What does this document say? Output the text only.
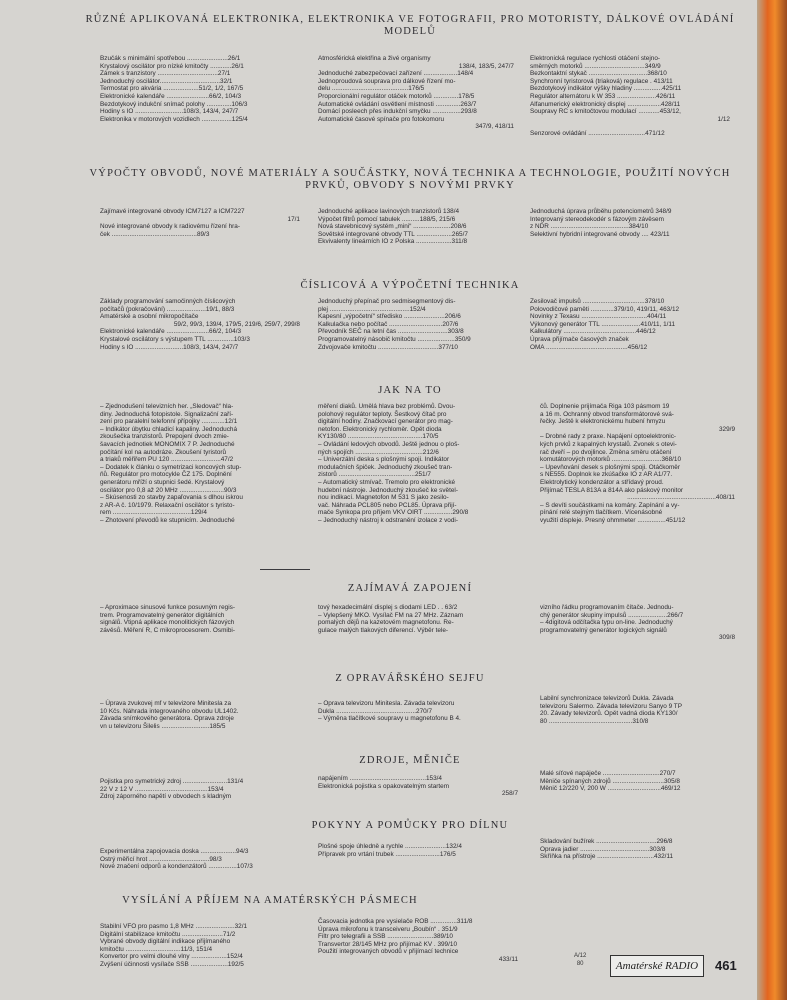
RŮZNÉ APLIKOVANÁ ELEKTRONIKA, ELEKTRONIKA VE FOTOGRAFII, PRO MOTORISTY, DÁLKOVÉ OVLÁDÁNÍ MODELŮ

Bzučák s minimální spotřebou .......................26/1

Krystalový oscilátor pro nízké kmitočty ............26/1

Zámek s tranzistory ..................................27/1

Jednoduchý oscilátor..................................32/1

Termostat pro akvária ....................51/2, 1/2, 167/5

Elektronické kalendáře ........................66/2, 104/3

Bezdotykový indukční snímač polohy ..............106/3

Hodiny s IO ...........................108/3, 143/4, 247/7

Elektronika v motorových vozidlech .................125/4

Atmosférická elektřina a živé organismy

138/4, 183/5, 247/7

Jednoduché zabezpečovací zařízení ...................148/4

Jednoproudová souprava pro dálkové řízení mo-

delu ...........................................176/5

Proporcionální regulátor otáček motorků ..............178/5

Automatické ovládání osvětlení místnosti ..............263/7

Domácí posleech přes indukční smyčku ................293/8

Automatické časové spínače pro fotokomoru

347/9, 418/11

Elektronická regulace rychlosti otáčení stejno-

směrných motorků ..................................349/9

Bezkontaktní stykač .................................368/10

Synchronní tyristorová (triaková) regulace . 413/11

Bezdotykový indikátor výšky hladiny ................425/11

Regulátor alternátoru k W 353 ......................426/11

Alfanumerický elektronický displej ...................428/11

Soupravy RC s kmitočtovou modulací ............453/12,

1/12

Senzorové ovládání ................................471/12

VÝPOČTY OBVODŮ, NOVÉ MATERIÁLY A SOUČÁSTKY, NOVÁ TECHNIKA A TECHNOLOGIE, POUŽITÍ NOVÝCH PRVKŮ, OBVODY S NOVÝMI PRVKY

Zajímavé integrované obvody ICM7127 a ICM7227

17/1

Nové integrované obvody k radiovému řízení hra-

ček ................................................89/3

Jednoduché aplikace lavinových tranzistorů 138/4

Výpočet filtrů pomocí tabulek ..........188/5, 215/6

Nová stavebnicový systém „mini“ .....................208/6

Sovětské integrované obvody TTL ....................265/7

Ekvivalenty lineárních IO z Polska ....................311/8

Jednoduchá úprava průběhu potenciometrů 348/9

Integrovaný stereodekodér s fázovým závěsem

z NDR ............................................384/10

Selektivní hybridní integrované obvody .... 423/11

ČÍSLICOVÁ A VÝPOČETNÍ TECHNIKA

Základy programování samočinných číslicových

počítačů (pokračování) ......................19/1, 88/3

Amatérské a osobní mikropočítače

59/2, 99/3, 139/4, 179/5, 219/6, 259/7, 299/8

Elektronické kalendáře ........................66/2, 104/3

Krystalové oscilátory s výstupem TTL ...............103/3

Hodiny s IO ...........................108/3, 143/4, 247/7

Jednoduchý přepínač pro sedmisegmentový dis-

plej .............................................152/4

Kapesní „výpočetní“ středisko .......................206/6

Kalkulačka nebo počítač ..............................207/6

Převodník SEČ na letní čas ............................303/8

Programovatelný násobič kmitočtu .....................350/9

Zdvojovače kmitočtu ..................................377/10

Zesilovač impulsů ...................................378/10

Polovodičové paměti .............379/10, 419/11, 463/12

Novinky z Texasu .....................................404/11

Výkonový generátor TTL ......................410/11, 1/11

Kalkulátory .........................................446/12

Úprava přijímače časových značek

OMA ..............................................456/12

JAK NA TO

– Zjednodušení televizních her. „Sledovač“ hla-

diny. Jednoduchá fotopistole. Signalizační zaří-

zení pro paralelní telefonní přípojky .............12/1

– Indikátor úbytku chladicí kapaliny. Jednoduchá

zkoušečka tranzistorů. Prepojení dvoch zmie-

šavacích jednotiek MONOMIX 7 P. Jednoduché

počítání kol na autodráze. Zkoušení tyristorů

a triaků měřiřem PU 120 ............................47/2

– Dodatek k článku o symetrizaci koncových stup-

ňů. Regulátor pro motocykle ČZ 175. Doplnění

generátoru mříží o stupnici šedé. Krystalový

oscilátor pro 0,8 až 20 MHz .........................90/3

– Skúsenosti zo stavby zapaľovania s dlhou iskrou

z AR-A č. 10/1979. Relaxační oscilátor s tyristo-

rem ............................................129/4

– Zhotovení převodů ke stupnicím. Jednoduché

měření diaků. Umělá hlava bez problémů. Dvou-

polohový regulátor teploty. Šestkový čítač pro

digitální hodiny. Značkovací generátor pro mag-

netofon. Elektronický rychloměr. Opět dioda

KY130/80 ..........................................170/5

– Ovládání ledových obvodů. Ještě jednou o ploš-

ných spojích ......................................212/6

– Univerzální deska s plošnými spoji. Indikátor

modulačních špiček. Jednoduchý zkoušeč tran-

zistorů ...........................................251/7

– Automatický stmívač. Tremolo pro elektronické

hudební nástroje. Jednoduchý zkoušeč ke světel-

nou indikací. Magnetofon M 531 S jako zesilo-

vač. Náhrada PCL805 nebo PCL85. Úprava přijí-

mače Synkopa pro příjem VKV OIRT ................290/8

– Jednoduchý nástroj k odstranění izolace z vodi-

čů. Doplnenie prijímača Riga 103 pásmom 19

a 16 m. Ochranný obvod transformátorové svá-

řečky. Ještě k elektronickému hubení hmyzu

329/9

– Drobné rady z praxe. Napájení optoelektronic-

kých prvků z kapalných krystalů. Zvonek s otevi-

rač dveří – po dvojlince. Změna směru otáčení

komutátorových motorků ............................368/10

– Upevňování desek s plošnými spoji. Otáčkoměr

s NE555. Doplnok ke zkúšačke IO z AR A1/77.

Elektrolytický kondenzátor a střídavý proud.

Přijímač TESLA 813A a 814A ako páskový monitor

..................................................408/11

– S devíti součástkami na komáry. Zapínání a vy-

pínání relé stejným tlačítkem. Vícenásobné

využití displeje. Presný ohmmeter ................451/12

ZAJÍMAVÁ ZAPOJENÍ

– Aproximace sinusové funkce posuvným regis-

trem. Programovatelný generátor digitálních

signálů. Vtipná aplikace monolitických fázových

závěsů. Měření R, C mikroprocesorem. Osmibi-

tový hexadecimální displej s diodami LED . . 63/2

– Vylepšený MKO. Vysílač FM na 27 MHz. Záznam

pomalých dějů na kazetovém magnetofonu. Re-

gulace malých tlakových diferencí. Výběr tele-

vizního řádku programovaním čítače. Jednodu-

chý generátor skupiny impulsů ......................266/7

– 4digitová odčítačka typu on-line. Jednoduchý

programovatelný generátor logických signálů

309/8

Z OPRAVÁŘSKÉHO SEJFU

– Úprava zvukovej mf v televizore Minitesla za

10 Kčs. Náhrada integrovaného obvodu UL1402.

Závada snímkového generátora. Oprava zdroje

vn u televizoru Šilelis ...........................185/5

– Oprava televizoru Minitesla. Závada televizoru

Dukla .............................................270/7

– Výměna tlačítkové soupravy u magnetofonu B 4.

Labilní synchronizace televizorů Dukla. Závada

televizoru Salermo. Závada televizoru Sanyo 9 TP

20. Závady televizorů. Opět vadná dioda KY130/

80 ...............................................310/8

ZDROJE, MĚNIČE

Pojistka pro symetrický zdroj .........................131/4

22 V z 12 V .........................................153/4

Zdroj záporného napětí v obvodech s kladným

napájením ...........................................153/4

Elektronická pojistka s opakovatelným startem

258/7

Malé síťové napáječe ................................270/7

Měniče spínaných zdrojů .............................305/8

Měnič 12/220 V, 200 W ..............................469/12

POKYNY A POMŮCKY PRO DÍLNU

Experimentálna zapojovacia doska ....................94/3

Ostrý měřicí hrot ..................................98/3

Nové značení odporů a kondenzátorů ................107/3

Plošné spoje úhledně a rychle .......................132/4

Přípravek pro vrtání trubek .........................176/5

Skladování bužírek ..................................296/8

Oprava jadier .......................................303/8

Skříňka na přístroje ................................432/11

VYSÍLÁNÍ A PŘÍJEM NA AMATÉRSKÝCH PÁSMECH

Stabilní VFO pro pasmo 1,8 MHz ......................32/1

Digitální stabilizace kmitočtu .......................71/2

Vybrané obvody digitální indikace přijímaného

kmitočtu ...............................11/3, 151/4

Konvertor pro velmi dlouhé vlny ....................152/4

Zvýšení účinnosti vysílače SSB .....................192/5

Časovacia jednotka pre vysielače ROB ...............311/8

Úprava mikrofonu k transceiveru „Boubín“ . 351/9

Filtr pro telegrafii a SSB ..........................389/10

Transvertor 28/145 MHz pro přijímač KV . 399/10

Použití integrovaných obvodů v přijímací technice

433/11	A/12
80	Amatérské RADIO	461
